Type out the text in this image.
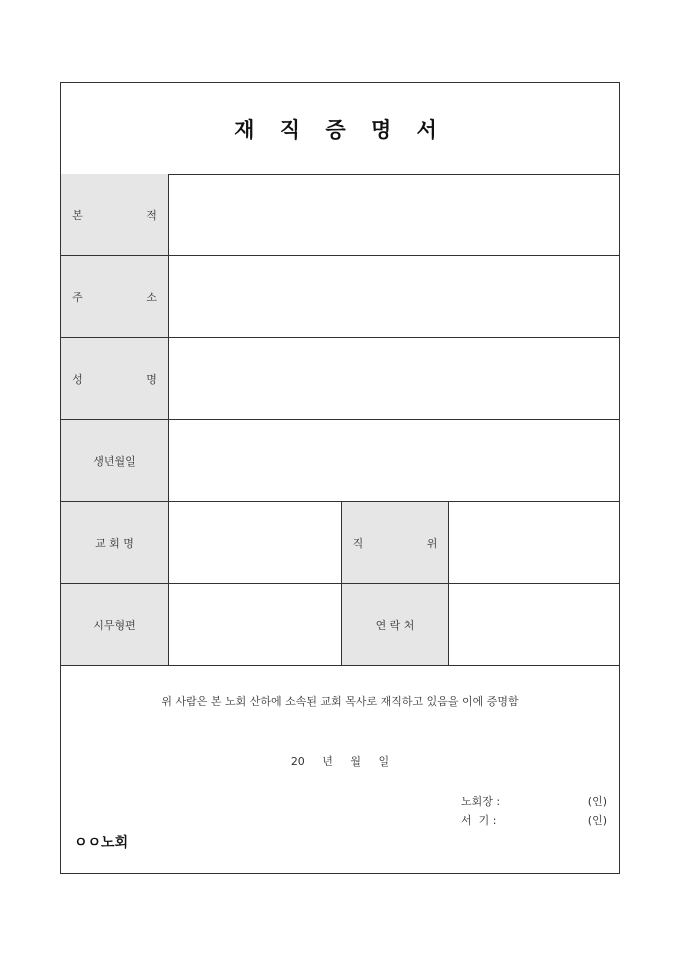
재 직 증 명 서
본 적
주 소
성 명
생년월일
교 회 명	직 위
시무형편	연 락 처
위 사람은 본 노회 산하에 소속된 교회 목사로 재직하고 있음을 이에 증명함
20 년 월 일
노회장 :	(인)
서  기 :	(인)
ㅇㅇ노회
